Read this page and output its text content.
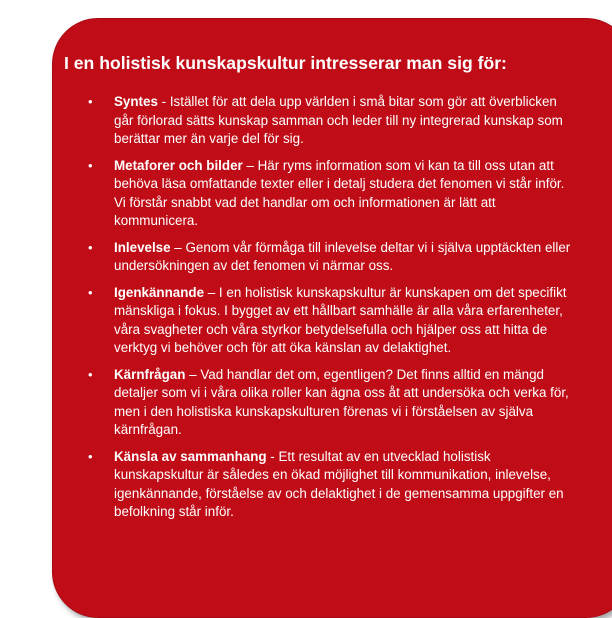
I en holistisk kunskapskultur intresserar man sig för:
• Syntes - Istället för att dela upp världen i små bitar som gör att överblicken går förlorad sätts kunskap samman och leder till ny integrerad kunskap som berättar mer än varje del för sig.
• Metaforer och bilder – Här ryms information som vi kan ta till oss utan att behöva läsa omfattande texter eller i detalj studera det fenomen vi står inför. Vi förstår snabbt vad det handlar om och informationen är lätt att kommunicera.
• Inlevelse – Genom vår förmåga till inlevelse deltar vi i själva upptäckten eller undersökningen av det fenomen vi närmar oss.
• Igenkännande – I en holistisk kunskapskultur är kunskapen om det specifikt mänskliga i fokus. I bygget av ett hållbart samhälle är alla våra erfarenheter, våra svagheter och våra styrkor betydelsefulla och hjälper oss att hitta de verktyg vi behöver och för att öka känslan av delaktighet.
• Kärnfrågan – Vad handlar det om, egentligen? Det finns alltid en mängd detaljer som vi i våra olika roller kan ägna oss åt att undersöka och verka för, men i den holistiska kunskapskulturen förenas vi i förståelsen av själva kärnfrågan.
• Känsla av sammanhang - Ett resultat av en utvecklad holistisk kunskapskultur är således en ökad möjlighet till kommunikation, inlevelse, igenkännande, förståelse av och delaktighet i de gemensamma uppgifter en befolkning står inför.
